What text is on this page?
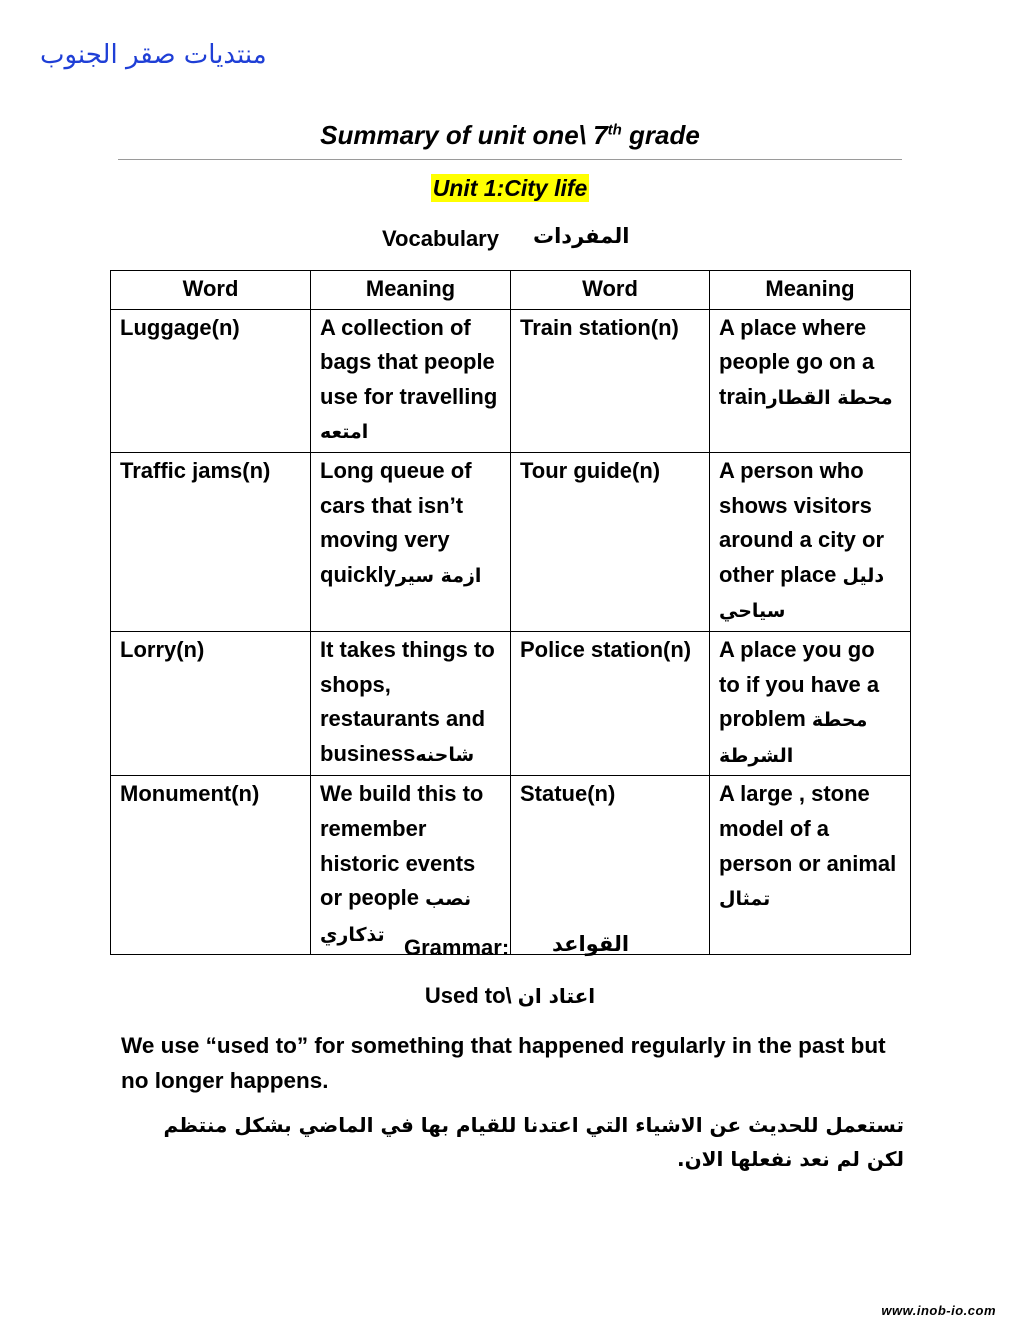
منتديات صقر الجنوب
Summary of unit one\ 7th grade
Unit 1:City life
Vocabulary المفردات
Word	Meaning	Word	Meaning
Luggage(n)	A collection of bags that people use for travelling امتعه	Train station(n)	A place where people go on a trainمحطة القطار
Traffic jams(n)	Long queue of cars that isn’t moving very quicklyازمة سير	Tour guide(n)	A person who shows visitors around a city or other place دليل سياحي
Lorry(n)	It takes things to shops, restaurants and businessشاحنه	Police station(n)	A place you go to if you have a problem محطة الشرطة
Monument(n)	We build this to remember historic events or people نصب تذكاري	Statue(n)	A large , stone model of a person or animal تمثال
Grammar: القواعد
Used to\ اعتاد ان
We use “used to” for something that happened regularly in the past but no longer happens.
تستعمل للحديث عن الاشياء التي اعتدنا للقيام بها في الماضي بشكل منتظم لكن لم نعد نفعلها الان.
www.inob-io.com
